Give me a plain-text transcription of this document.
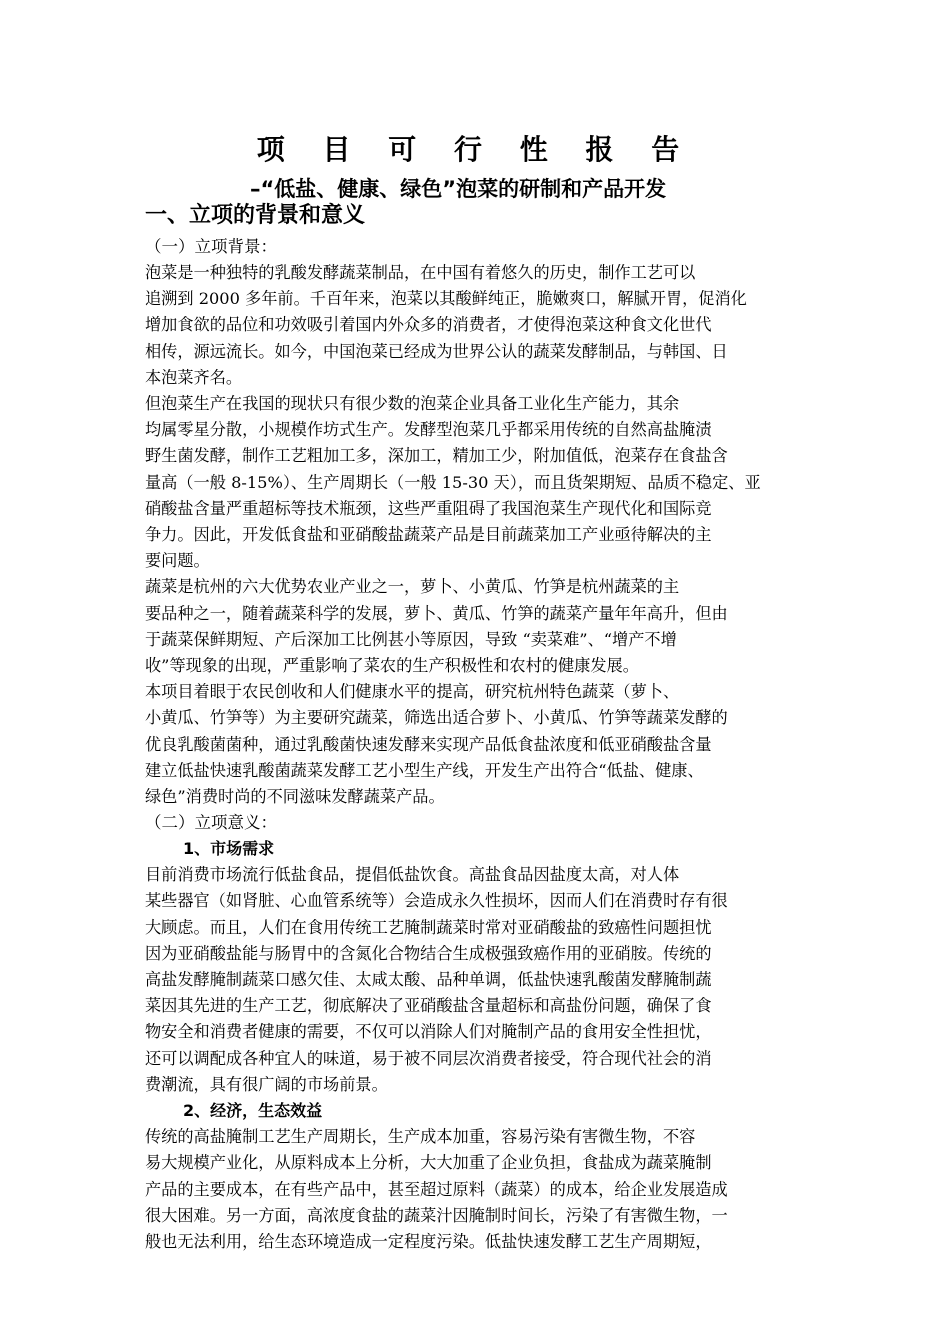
项 目 可 行 性 报 告
–“低盐、健康、绿色”泡菜的研制和产品开发
一、立项的背景和意义
（一）立项背景：
泡菜是一种独特的乳酸发酵蔬菜制品，在中国有着悠久的历史，制作工艺可以
追溯到 2000 多年前。千百年来，泡菜以其酸鲜纯正，脆嫩爽口，解腻开胃，促消化
增加食欲的品位和功效吸引着国内外众多的消费者，才使得泡菜这种食文化世代
相传，源远流长。如今，中国泡菜已经成为世界公认的蔬菜发酵制品，与韩国、日
本泡菜齐名。
但泡菜生产在我国的现状只有很少数的泡菜企业具备工业化生产能力，其余
均属零星分散，小规模作坊式生产。发酵型泡菜几乎都采用传统的自然高盐腌渍
野生菌发酵，制作工艺粗加工多，深加工，精加工少，附加值低，泡菜存在食盐含
量高（一般 8-15%）、生产周期长（一般 15-30 天），而且货架期短、品质不稳定、亚
硝酸盐含量严重超标等技术瓶颈，这些严重阻碍了我国泡菜生产现代化和国际竞
争力。因此，开发低食盐和亚硝酸盐蔬菜产品是目前蔬菜加工产业亟待解决的主
要问题。
蔬菜是杭州的六大优势农业产业之一，萝卜、小黄瓜、竹笋是杭州蔬菜的主
要品种之一，随着蔬菜科学的发展，萝卜、黄瓜、竹笋的蔬菜产量年年高升，但由
于蔬菜保鲜期短、产后深加工比例甚小等原因，导致 “卖菜难”、“增产不增
收”等现象的出现，严重影响了菜农的生产积极性和农村的健康发展。
本项目着眼于农民创收和人们健康水平的提高，研究杭州特色蔬菜（萝卜、
小黄瓜、竹笋等）为主要研究蔬菜，筛选出适合萝卜、小黄瓜、竹笋等蔬菜发酵的
优良乳酸菌菌种，通过乳酸菌快速发酵来实现产品低食盐浓度和低亚硝酸盐含量
建立低盐快速乳酸菌蔬菜发酵工艺小型生产线，开发生产出符合“低盐、健康、
绿色”消费时尚的不同滋味发酵蔬菜产品。
（二）立项意义：
1、市场需求
目前消费市场流行低盐食品，提倡低盐饮食。高盐食品因盐度太高，对人体
某些器官（如肾脏、心血管系统等）会造成永久性损坏，因而人们在消费时存有很
大顾虑。而且，人们在食用传统工艺腌制蔬菜时常对亚硝酸盐的致癌性问题担忧
因为亚硝酸盐能与肠胃中的含氮化合物结合生成极强致癌作用的亚硝胺。传统的
高盐发酵腌制蔬菜口感欠佳、太咸太酸、品种单调，低盐快速乳酸菌发酵腌制蔬
菜因其先进的生产工艺，彻底解决了亚硝酸盐含量超标和高盐份问题，确保了食
物安全和消费者健康的需要，不仅可以消除人们对腌制产品的食用安全性担忧，
还可以调配成各种宜人的味道，易于被不同层次消费者接受，符合现代社会的消
费潮流，具有很广阔的市场前景。
2、经济，生态效益
传统的高盐腌制工艺生产周期长，生产成本加重，容易污染有害微生物，不容
易大规模产业化，从原料成本上分析，大大加重了企业负担，食盐成为蔬菜腌制
产品的主要成本，在有些产品中，甚至超过原料（蔬菜）的成本，给企业发展造成
很大困难。另一方面，高浓度食盐的蔬菜汁因腌制时间长，污染了有害微生物，一
般也无法利用，给生态环境造成一定程度污染。低盐快速发酵工艺生产周期短，
